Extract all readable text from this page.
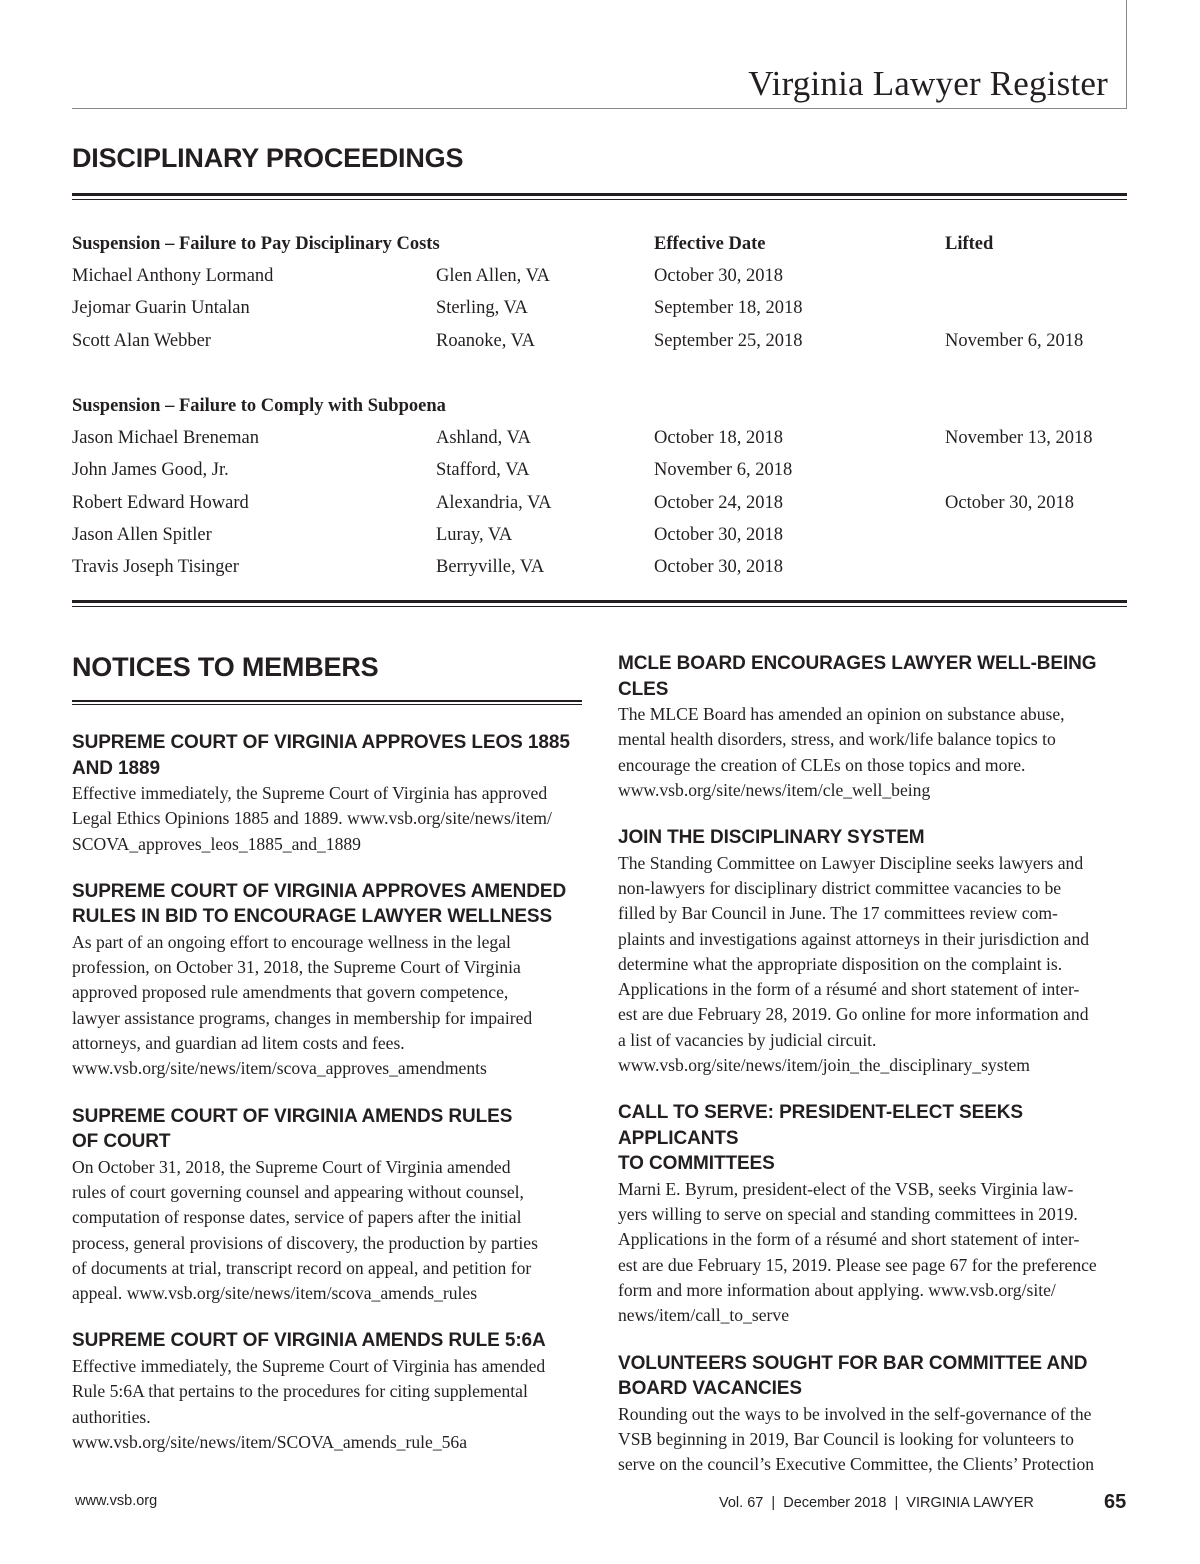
Virginia Lawyer Register
DISCIPLINARY PROCEEDINGS
Suspension – Failure to Pay Disciplinary Costs	Effective Date	Lifted
Michael Anthony Lormand	Glen Allen, VA	October 30, 2018
Jejomar Guarin Untalan	Sterling, VA	September 18, 2018
Scott Alan Webber	Roanoke, VA	September 25, 2018	November 6, 2018
Suspension – Failure to Comply with Subpoena
Jason Michael Breneman	Ashland, VA	October 18, 2018	November 13, 2018
John James Good, Jr.	Stafford, VA	November 6, 2018
Robert Edward Howard	Alexandria, VA	October 24, 2018	October 30, 2018
Jason Allen Spitler	Luray, VA	October 30, 2018
Travis Joseph Tisinger	Berryville, VA	October 30, 2018
NOTICES TO MEMBERS

SUPREME COURT OF VIRGINIA APPROVES LEOS 1885
AND 1889

Effective immediately, the Supreme Court of Virginia has approved
Legal Ethics Opinions 1885 and 1889. www.vsb.org/site/news/item/
SCOVA_approves_leos_1885_and_1889

SUPREME COURT OF VIRGINIA APPROVES AMENDED
RULES IN BID TO ENCOURAGE LAWYER WELLNESS

As part of an ongoing effort to encourage wellness in the legal
profession, on October 31, 2018, the Supreme Court of Virginia
approved proposed rule amendments that govern competence,
lawyer assistance programs, changes in membership for impaired
attorneys, and guardian ad litem costs and fees.
www.vsb.org/site/news/item/scova_approves_amendments

SUPREME COURT OF VIRGINIA AMENDS RULES
OF COURT

On October 31, 2018, the Supreme Court of Virginia amended
rules of court governing counsel and appearing without counsel,
computation of response dates, service of papers after the initial
process, general provisions of discovery, the production by parties
of documents at trial, transcript record on appeal, and petition for
appeal. www.vsb.org/site/news/item/scova_amends_rules

SUPREME COURT OF VIRGINIA AMENDS RULE 5:6A

Effective immediately, the Supreme Court of Virginia has amended
Rule 5:6A that pertains to the procedures for citing supplemental
authorities.
www.vsb.org/site/news/item/SCOVA_amends_rule_56a

MCLE BOARD ENCOURAGES LAWYER WELL-BEING
CLES

The MLCE Board has amended an opinion on substance abuse,
mental health disorders, stress, and work/life balance topics to
encourage the creation of CLEs on those topics and more.
www.vsb.org/site/news/item/cle_well_being

JOIN THE DISCIPLINARY SYSTEM

The Standing Committee on Lawyer Discipline seeks lawyers and
non-lawyers for disciplinary district committee vacancies to be
filled by Bar Council in June. The 17 committees review com-
plaints and investigations against attorneys in their jurisdiction and
determine what the appropriate disposition on the complaint is.
Applications in the form of a résumé and short statement of inter-
est are due February 28, 2019. Go online for more information and
a list of vacancies by judicial circuit.
www.vsb.org/site/news/item/join_the_disciplinary_system

CALL TO SERVE: PRESIDENT-ELECT SEEKS APPLICANTS
TO COMMITTEES

Marni E. Byrum, president-elect of the VSB, seeks Virginia law-
yers willing to serve on special and standing committees in 2019.
Applications in the form of a résumé and short statement of inter-
est are due February 15, 2019. Please see page 67 for the preference
form and more information about applying. www.vsb.org/site/
news/item/call_to_serve

VOLUNTEERS SOUGHT FOR BAR COMMITTEE AND
BOARD VACANCIES

Rounding out the ways to be involved in the self-governance of the
VSB beginning in 2019, Bar Council is looking for volunteers to
serve on the council’s Executive Committee, the Clients’ Protection

www.vsb.org	Vol. 67  |  December 2018  |  VIRGINIA LAWYER	65
